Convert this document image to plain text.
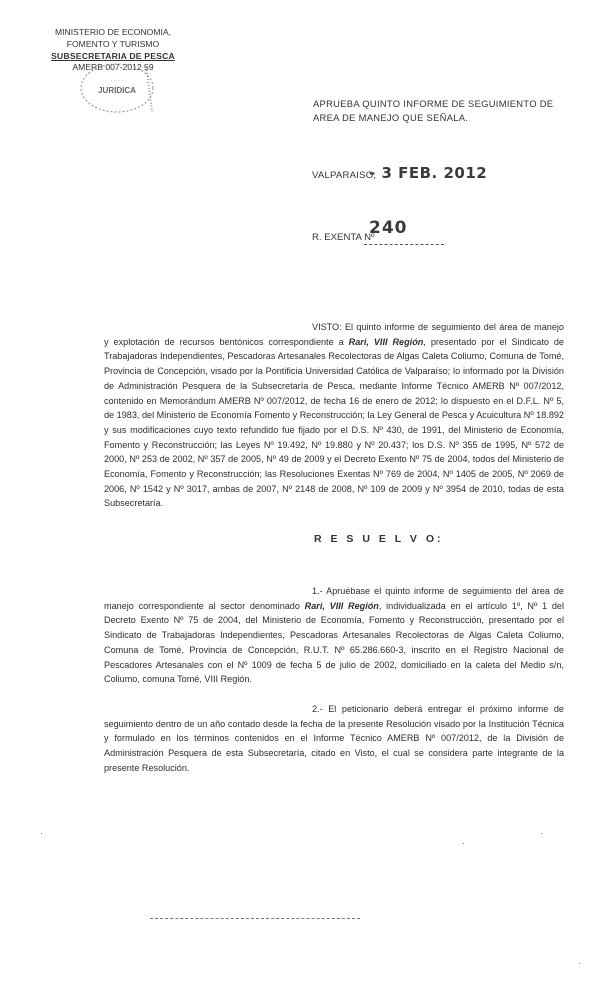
MINISTERIO DE ECONOMIA,
FOMENTO Y TURISMO
SUBSECRETARIA DE PESCA
AMERB 007-2012 59
· · · ·
JURIDICA
APRUEBA QUINTO INFORME DE SEGUIMIENTO DE
AREA DE MANEJO QUE SEÑALA.
VALPARAISO,
- 3 FEB. 2012
R. EXENTA Nº
240
VISTO: El quinto informe de seguimiento del área de manejo y explotación de recursos bentónicos correspondiente a Rari, VIII Región, presentado por el Sindicato de Trabajadoras Independientes, Pescadoras Artesanales Recolectoras de Algas Caleta Coliumo, Comuna de Tomé, Provincia de Concepción, visado por la Pontificia Universidad Católica de Valparaíso; lo informado por la División de Administración Pesquera de la Subsecretaría de Pesca, mediante Informe Técnico AMERB Nº 007/2012, contenido en Memorándum AMERB Nº 007/2012, de fecha 16 de enero de 2012; lo dispuesto en el D.F.L. Nº 5, de 1983, del Ministerio de Economía Fomento y Reconstrucción; la Ley General de Pesca y Acuicultura Nº 18.892 y sus modificaciones cuyo texto refundido fue fijado por el D.S. Nº 430, de 1991, del Ministerio de Economía, Fomento y Reconstrucción; las Leyes Nº 19.492, Nº 19.880 y Nº 20.437; los D.S. Nº 355 de 1995, Nº 572 de 2000, Nº 253 de 2002, Nº 357 de 2005, Nº 49 de 2009 y el Decreto Exento Nº 75 de 2004, todos del Ministerio de Economía, Fomento y Reconstrucción; las Resoluciones Exentas Nº 769 de 2004, Nº 1405 de 2005, Nº 2069 de 2006, Nº 1542 y Nº 3017, ambas de 2007, Nº 2148 de 2008, Nº 109 de 2009 y Nº 3954 de 2010, todas de esta Subsecretaría.
R E S U E L V O:
1.- Apruébase el quinto informe de seguimiento del área de manejo correspondiente al sector denominado Rari, VIII Región, individualizada en el artículo 1º, Nº 1 del Decreto Exento Nº 75 de 2004, del Ministerio de Economía, Fomento y Reconstrucción, presentado por el Sindicato de Trabajadoras Independientes, Pescadoras Artesanales Recolectoras de Algas Caleta Coliumo, Comuna de Tomé, Provincia de Concepción, R.U.T. Nº 65.286.660-3, inscrito en el Registro Nacional de Pescadores Artesanales con el Nº 1009 de fecha 5 de julio de 2002, domiciliado en la caleta del Medio s/n, Coliumo, comuna Tomé, VIII Región.
2.- El peticionario deberá entregar el próximo informe de seguimiento dentro de un año contado desde la fecha de la presente Resolución visado por la Institución Técnica y formulado en los términos contenidos en el Informe Técnico AMERB Nº 007/2012, de la División de Administración Pesquera de esta Subsecretaría, citado en Visto, el cual se considera parte integrante de la presente Resolución.
·
·
·
·
